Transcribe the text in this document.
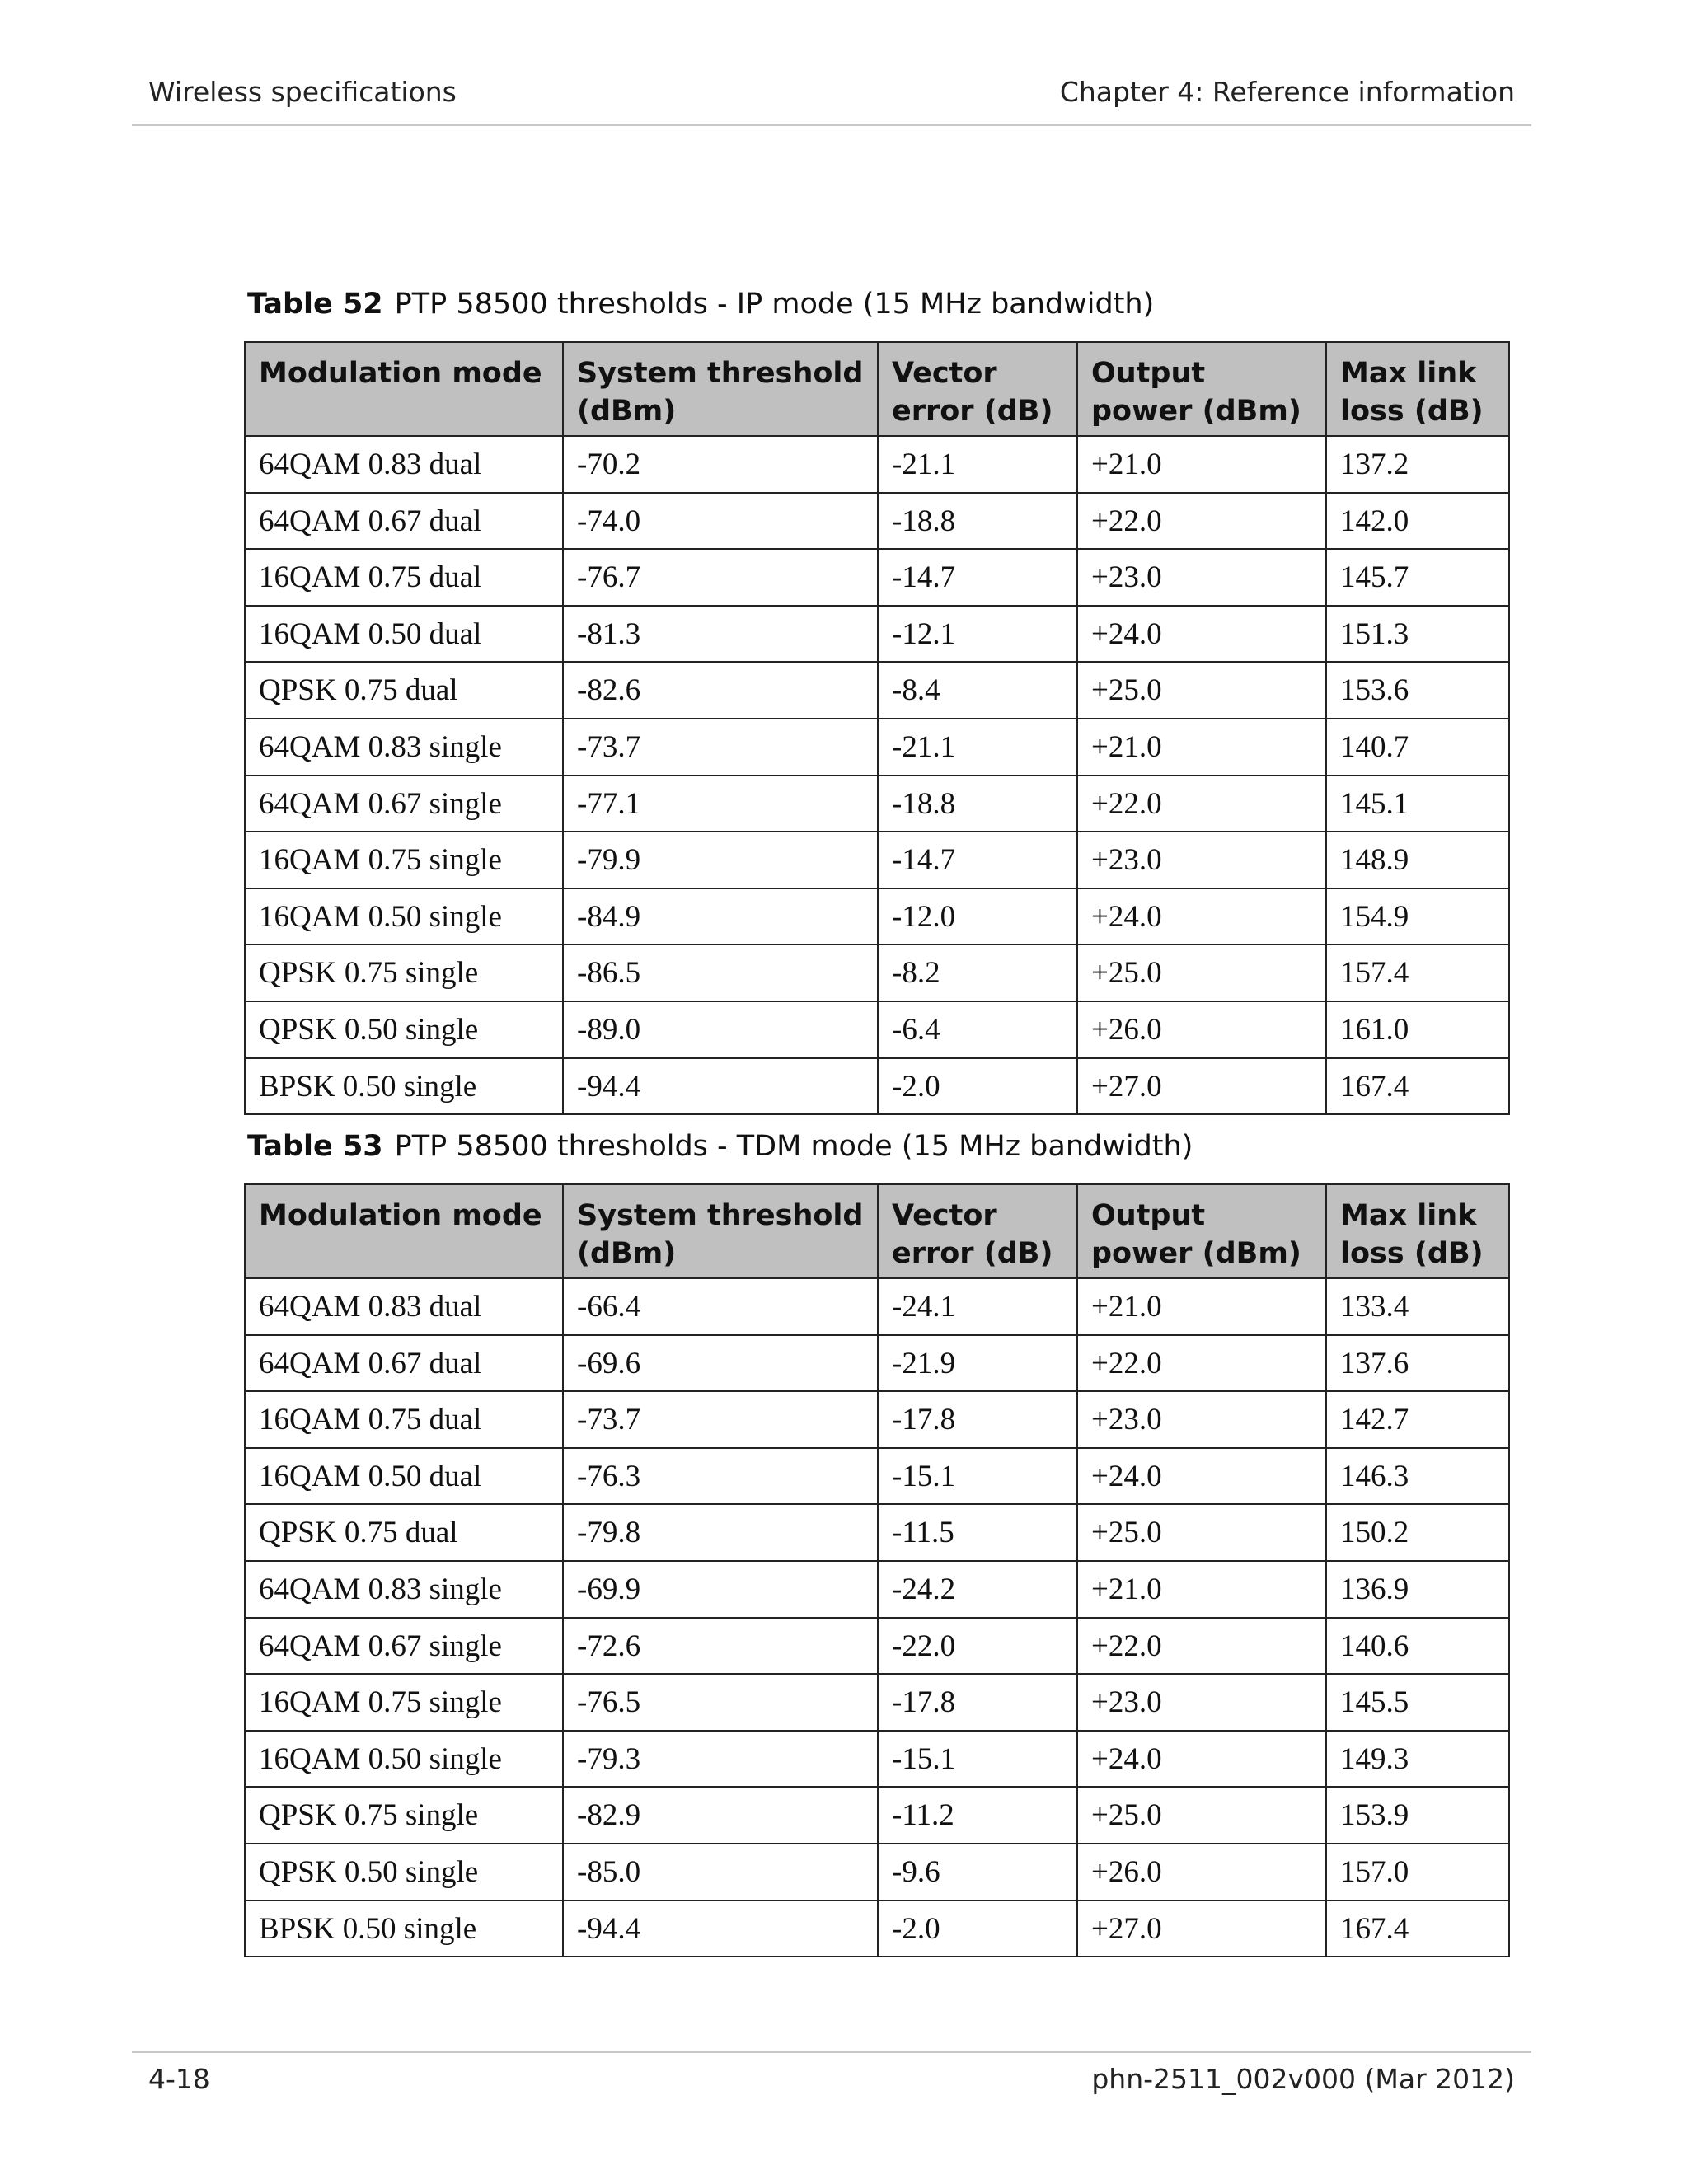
Wireless specifications	Chapter 4: Reference information
Table 52 PTP 58500 thresholds - IP mode (15 MHz bandwidth)
Modulation mode	System threshold (dBm)	Vector error (dB)	Output power (dBm)	Max link loss (dB)
64QAM 0.83 dual	-70.2	-21.1	+21.0	137.2
64QAM 0.67 dual	-74.0	-18.8	+22.0	142.0
16QAM 0.75 dual	-76.7	-14.7	+23.0	145.7
16QAM 0.50 dual	-81.3	-12.1	+24.0	151.3
QPSK 0.75 dual	-82.6	-8.4	+25.0	153.6
64QAM 0.83 single	-73.7	-21.1	+21.0	140.7
64QAM 0.67 single	-77.1	-18.8	+22.0	145.1
16QAM 0.75 single	-79.9	-14.7	+23.0	148.9
16QAM 0.50 single	-84.9	-12.0	+24.0	154.9
QPSK 0.75 single	-86.5	-8.2	+25.0	157.4
QPSK 0.50 single	-89.0	-6.4	+26.0	161.0
BPSK 0.50 single	-94.4	-2.0	+27.0	167.4
Table 53 PTP 58500 thresholds - TDM mode (15 MHz bandwidth)
Modulation mode	System threshold (dBm)	Vector error (dB)	Output power (dBm)	Max link loss (dB)
64QAM 0.83 dual	-66.4	-24.1	+21.0	133.4
64QAM 0.67 dual	-69.6	-21.9	+22.0	137.6
16QAM 0.75 dual	-73.7	-17.8	+23.0	142.7
16QAM 0.50 dual	-76.3	-15.1	+24.0	146.3
QPSK 0.75 dual	-79.8	-11.5	+25.0	150.2
64QAM 0.83 single	-69.9	-24.2	+21.0	136.9
64QAM 0.67 single	-72.6	-22.0	+22.0	140.6
16QAM 0.75 single	-76.5	-17.8	+23.0	145.5
16QAM 0.50 single	-79.3	-15.1	+24.0	149.3
QPSK 0.75 single	-82.9	-11.2	+25.0	153.9
QPSK 0.50 single	-85.0	-9.6	+26.0	157.0
BPSK 0.50 single	-94.4	-2.0	+27.0	167.4
4-18	phn-2511_002v000 (Mar 2012)
